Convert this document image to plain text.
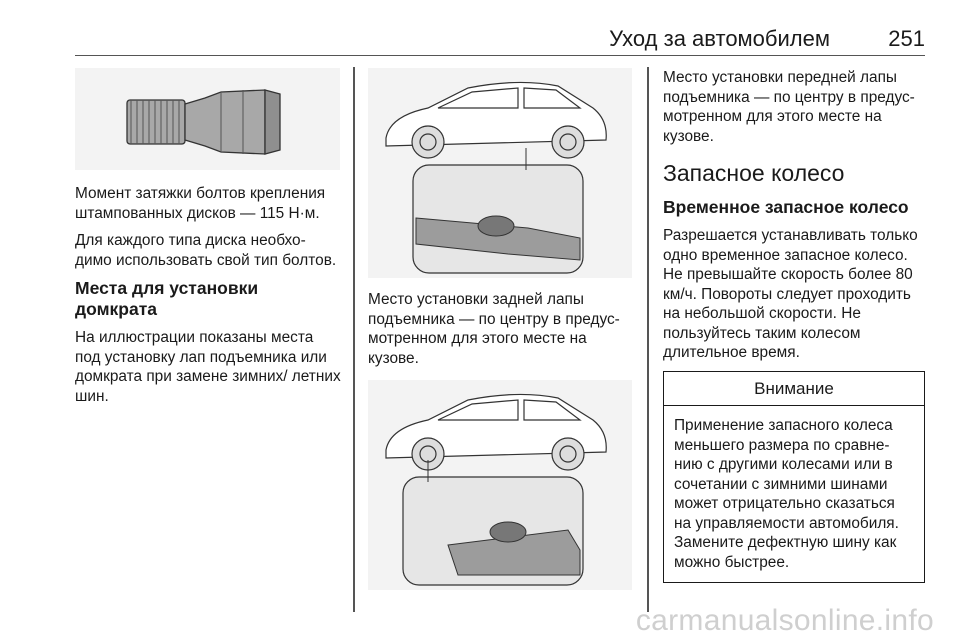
Уход за автомобилем	251

Момент затяжки болтов крепления штампованных дисков — 115 Н·м.

Для каждого типа диска необхо- димо использовать свой тип болтов.

Места для установки домкрата

На иллюстрации показаны места под установку лап подъемника или домкрата при замене зимних/ летних шин.

Место установки задней лапы подъемника — по центру в предус- мотренном для этого месте на кузове.

Место установки передней лапы подъемника — по центру в предус- мотренном для этого месте на кузове.

Запасное колесо
Временное запасное колесо

Разрешается устанавливать только одно временное запасное колесо. Не превышайте скорость более 80 км/ч. Повороты следует проходить на небольшой скорости. Не пользуйтесь таким колесом длительное время.

Внимание
Применение запасного колеса меньшего размера по сравне- нию с другими колесами или в сочетании с зимними шинами может отрицательно сказаться на управляемости автомобиля. Замените дефектную шину как можно быстрее.
carmanualsonline.info
